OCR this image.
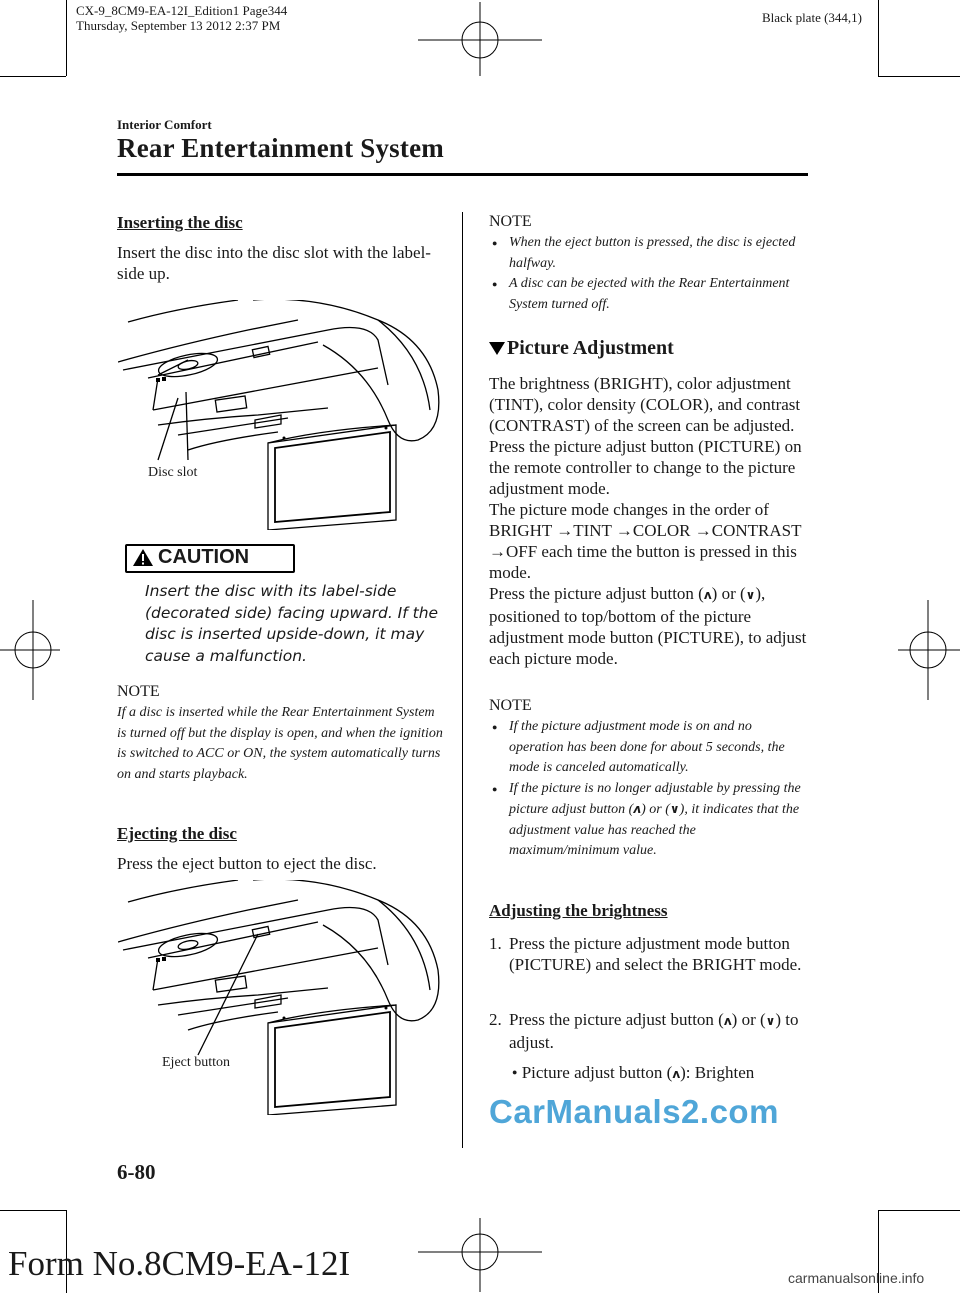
CX-9_8CM9-EA-12I_Edition1 Page344
Thursday, September 13 2012 2:37 PM
Black plate (344,1)
Interior Comfort
Rear Entertainment System
Inserting the disc
Insert the disc into the disc slot with the label-side up.
Disc slot
CAUTION
Insert the disc with its label-side (decorated side) facing upward. If the disc is inserted upside-down, it may cause a malfunction.
NOTE
If a disc is inserted while the Rear Entertainment System is turned off but the display is open, and when the ignition is switched to ACC or ON, the system automatically turns on and starts playback.
Ejecting the disc
Press the eject button to eject the disc.
Eject button
NOTE
● When the eject button is pressed, the disc is ejected halfway.
● A disc can be ejected with the Rear Entertainment System turned off.
Picture Adjustment
The brightness (BRIGHT), color adjustment (TINT), color density (COLOR), and contrast (CONTRAST) of the screen can be adjusted.
Press the picture adjust button (PICTURE) on the remote controller to change to the picture adjustment mode.
The picture mode changes in the order of BRIGHT →TINT →COLOR →CONTRAST →OFF each time the button is pressed in this mode.
Press the picture adjust button (ʌ) or (∨), positioned to top/bottom of the picture adjustment mode button (PICTURE), to adjust each picture mode.
NOTE
● If the picture adjustment mode is on and no operation has been done for about 5 seconds, the mode is canceled automatically.
● If the picture is no longer adjustable by pressing the picture adjust button (ʌ) or (∨), it indicates that the adjustment value has reached the maximum/minimum value.
Adjusting the brightness
1. Press the picture adjustment mode button (PICTURE) and select the BRIGHT mode.
2. Press the picture adjust button (ʌ) or (∨) to adjust.
● Picture adjust button (ʌ): Brighten
CarManuals2.com
6-80
Form No.8CM9-EA-12I	carmanualsonline.info
